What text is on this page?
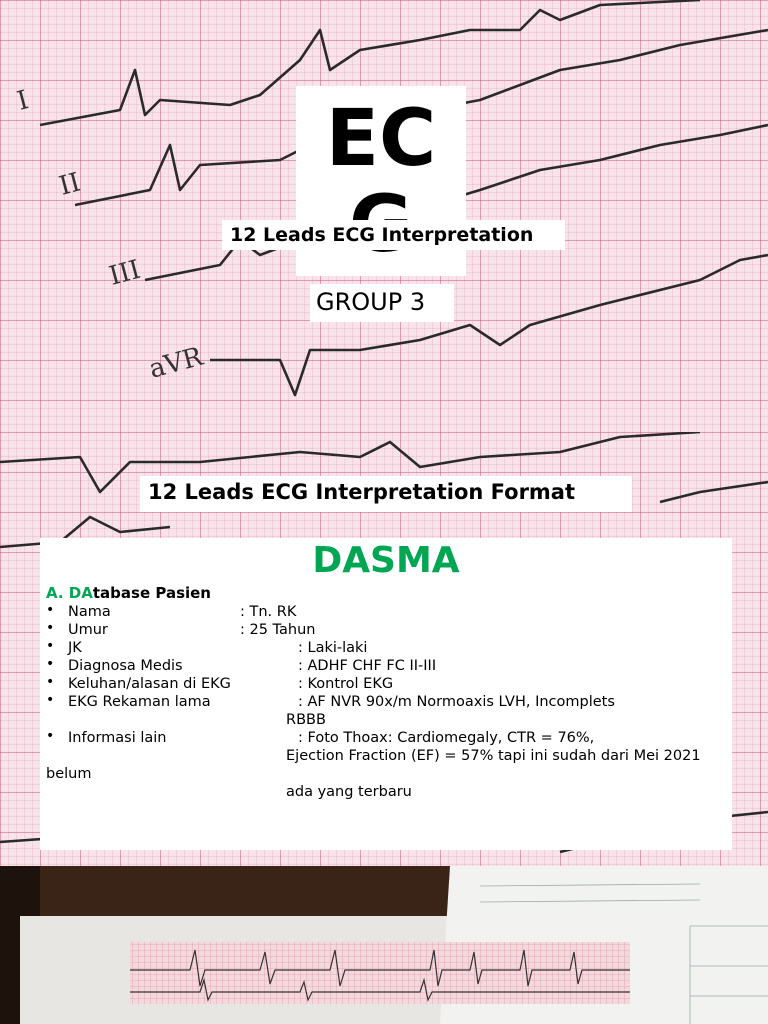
I
II
III
aVR
EC

12 Leads ECG Interpretation
GROUP 3
12 Leads ECG Interpretation Format
DASMA
A. DAtabase Pasien
• Nama	: Tn. RK
• Umur	: 25 Tahun
• JK	: Laki-laki
• Diagnosa Medis	: ADHF CHF FC II-III
• Keluhan/alasan di EKG	: Kontrol EKG
• EKG Rekaman lama	: AF NVR 90x/m Normoaxis LVH, Incomplets
RBBB
• Informasi lain	: Foto Thoax: Cardiomegaly, CTR = 76%,
Ejection Fraction (EF) = 57% tapi ini sudah dari Mei 2021
belum
ada yang terbaru
